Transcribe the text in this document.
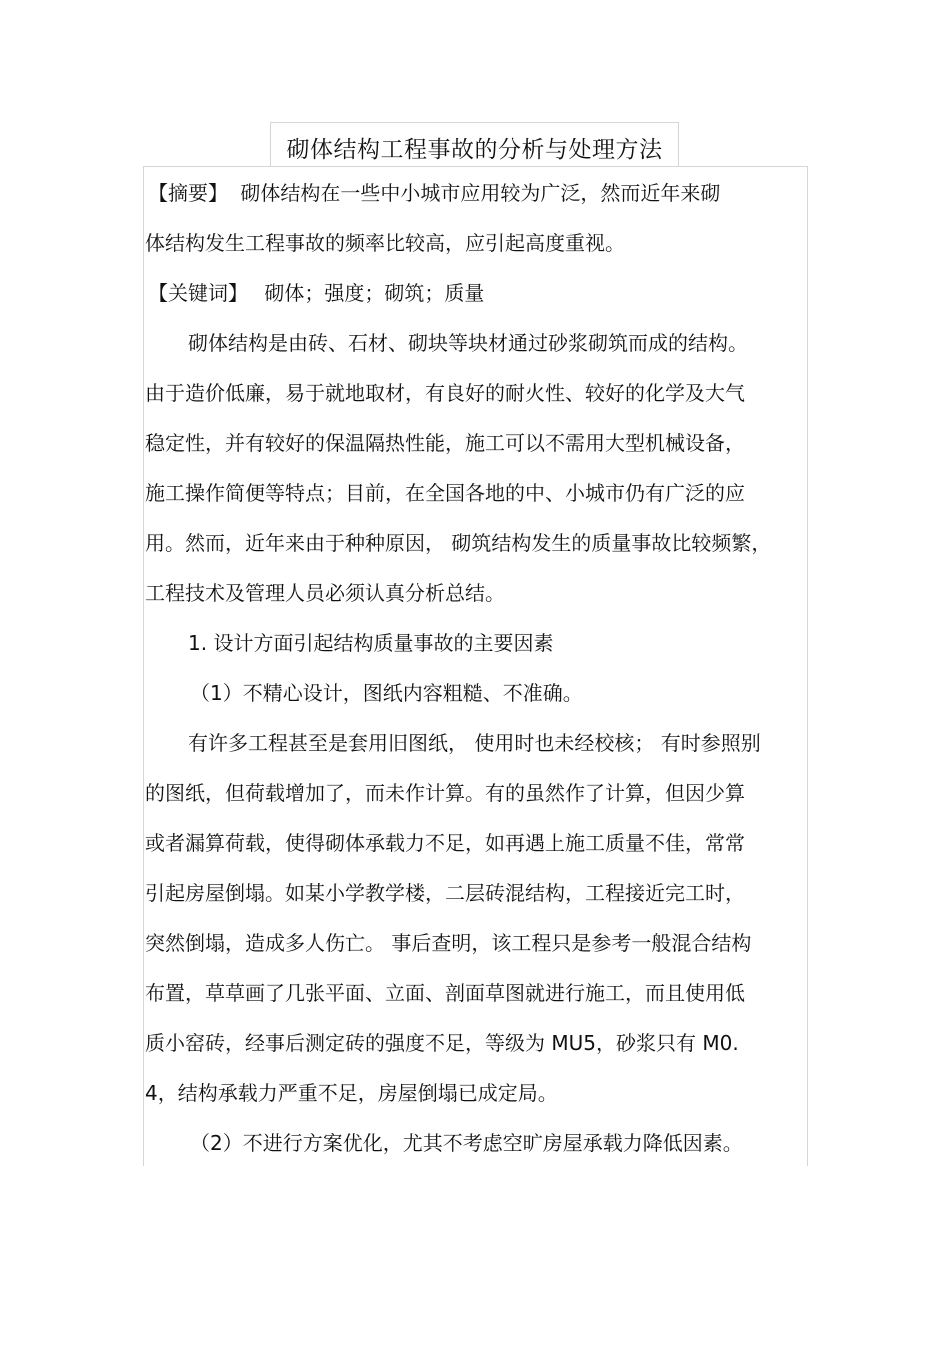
砌体结构工程事故的分析与处理方法
【摘要】 砌体结构在一些中小城市应用较为广泛，然而近年来砌
体结构发生工程事故的频率比较高，应引起高度重视。
【关键词】 砌体；强度；砌筑；质量
砌体结构是由砖、石材、砌块等块材通过砂浆砌筑而成的结构。
由于造价低廉，易于就地取材，有良好的耐火性、较好的化学及大气
稳定性，并有较好的保温隔热性能，施工可以不需用大型机械设备，
施工操作简便等特点；目前，在全国各地的中、小城市仍有广泛的应
用。然而，近年来由于种种原因， 砌筑结构发生的质量事故比较频繁，
工程技术及管理人员必须认真分析总结。
1. 设计方面引起结构质量事故的主要因素
（1）不精心设计，图纸内容粗糙、不准确。
有许多工程甚至是套用旧图纸， 使用时也未经校核； 有时参照别
的图纸，但荷载增加了，而未作计算。有的虽然作了计算，但因少算
或者漏算荷载，使得砌体承载力不足，如再遇上施工质量不佳，常常
引起房屋倒塌。如某小学教学楼，二层砖混结构，工程接近完工时，
突然倒塌，造成多人伤亡。 事后查明，该工程只是参考一般混合结构
布置，草草画了几张平面、立面、剖面草图就进行施工，而且使用低
质小窑砖，经事后测定砖的强度不足，等级为 MU5，砂浆只有 M0.
4，结构承载力严重不足，房屋倒塌已成定局。
（2）不进行方案优化，尤其不考虑空旷房屋承载力降低因素。
